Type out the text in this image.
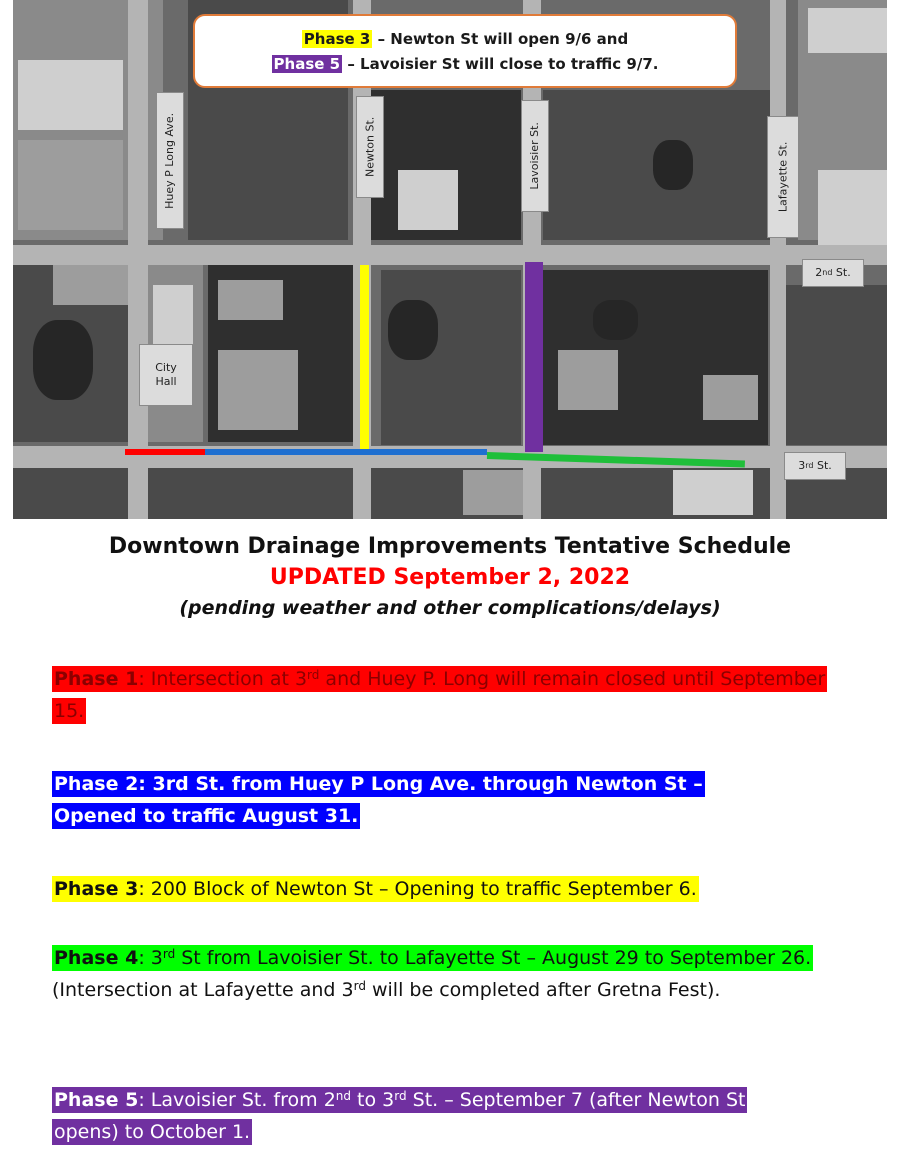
Huey P Long Ave.	Newton St.	Lavoisier St.	Lafayette St.
City Hall
2 nd St.
3 rd St.
Phase 3 – Newton St will open 9/6 and
Phase 5 – Lavoisier St will close to traffic 9/7.
Downtown Drainage Improvements Tentative Schedule
UPDATED September 2, 2022
(pending weather and other complications/delays)
Phase 1: Intersection at 3rd and Huey P. Long will remain closed until September 15.
Phase 2: 3rd St. from Huey P Long Ave. through Newton St – Opened to traffic August 31.
Phase 3: 200 Block of Newton St – Opening to traffic September 6.
Phase 4: 3rd St from Lavoisier St. to Lafayette St – August 29 to September 26.  (Intersection at Lafayette and 3rd will be completed after Gretna Fest).
Phase 5: Lavoisier St. from 2nd to 3rd St. – September 7 (after Newton St opens) to October 1.
